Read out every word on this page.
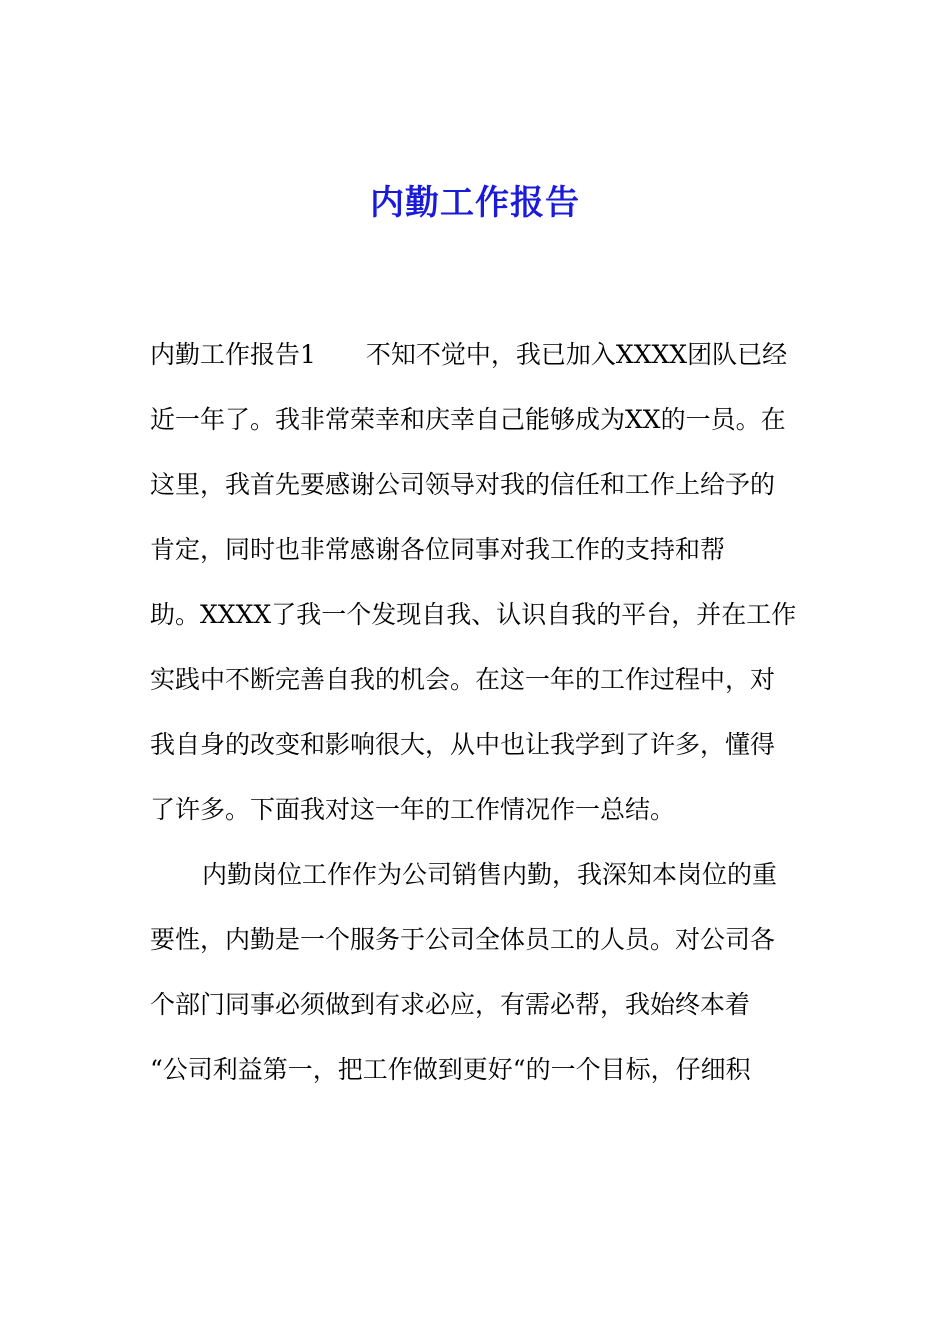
内勤工作报告
内勤工作报告1　　不知不觉中，我已加入XXXX团队已经
近一年了。我非常荣幸和庆幸自己能够成为XX的一员。在
这里，我首先要感谢公司领导对我的信任和工作上给予的
肯定，同时也非常感谢各位同事对我工作的支持和帮
助。XXXX了我一个发现自我、认识自我的平台，并在工作
实践中不断完善自我的机会。在这一年的工作过程中，对
我自身的改变和影响很大，从中也让我学到了许多，懂得
了许多。下面我对这一年的工作情况作一总结。
内勤岗位工作作为公司销售内勤，我深知本岗位的重
要性，内勤是一个服务于公司全体员工的人员。对公司各
个部门同事必须做到有求必应，有需必帮，我始终本着
“公司利益第一，把工作做到更好“的一个目标，仔细积
